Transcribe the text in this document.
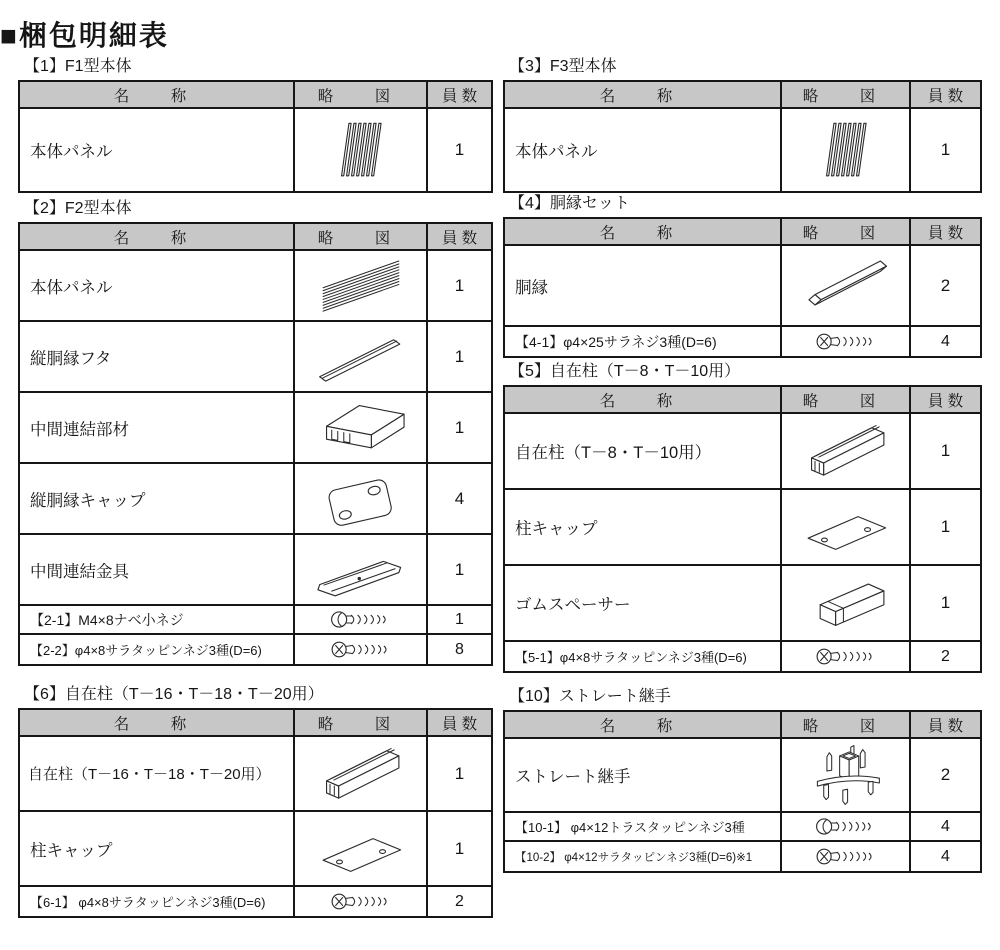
■梱包明細表
【1】F1型本体
名　称	略　図	員 数
本体パネル	1
【2】F2型本体
名　称	略　図	員 数
本体パネル	1
縦胴縁フタ	1
中間連結部材	1
縦胴縁キャップ	4
中間連結金具	1
【2-1】M4×8ナベ小ネジ	1
【2-2】φ4×8サラタッピンネジ3種(D=6)	8
【6】自在柱（T－16・T－18・T－20用）
名　称	略　図	員 数
自在柱（T－16・T－18・T－20用）	1
柱キャップ	1
【6-1】 φ4×8サラタッピンネジ3種(D=6)	2
【3】F3型本体
名　称	略　図	員 数
本体パネル	1
【4】胴縁セット
名　称	略　図	員 数
胴縁	2
【4-1】φ4×25サラネジ3種(D=6)	4
【5】自在柱（T－8・T－10用）
名　称	略　図	員 数
自在柱（T－8・T－10用）	1
柱キャップ	1
ゴムスペーサー	1
【5-1】φ4×8サラタッピンネジ3種(D=6)	2
【10】ストレート継手
名　称	略　図	員 数
ストレート継手	2
【10-1】 φ4×12トラスタッピンネジ3種	4
【10-2】 φ4×12サラタッピンネジ3種(D=6)※1	4
